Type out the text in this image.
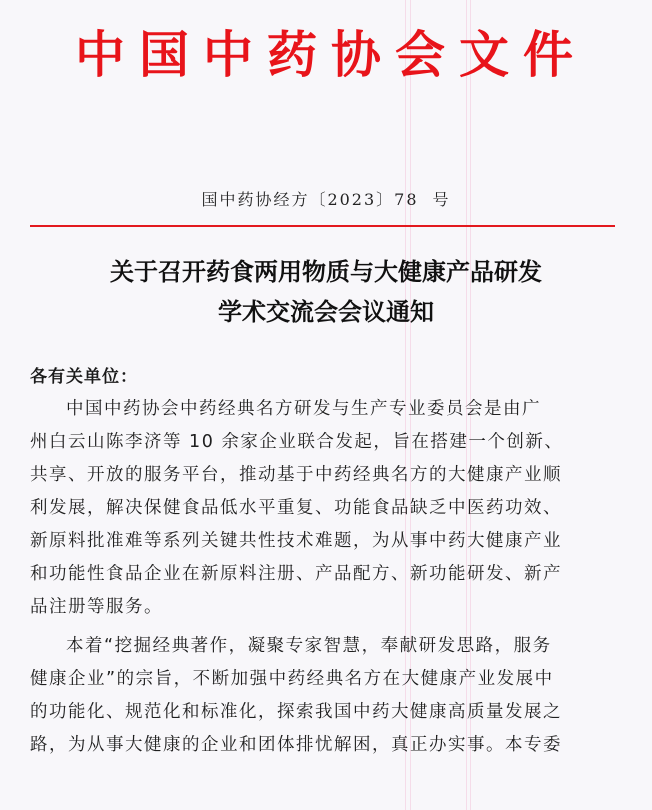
中国中药协会文件
国中药协经方〔2023〕78 号
关于召开药食两用物质与大健康产品研发
学术交流会会议通知
各有关单位：
中国中药协会中药经典名方研发与生产专业委员会是由广
州白云山陈李济等 10 余家企业联合发起，旨在搭建一个创新、
共享、开放的服务平台，推动基于中药经典名方的大健康产业顺
利发展，解决保健食品低水平重复、功能食品缺乏中医药功效、
新原料批准难等系列关键共性技术难题，为从事中药大健康产业
和功能性食品企业在新原料注册、产品配方、新功能研发、新产
品注册等服务。
本着“挖掘经典著作，凝聚专家智慧，奉献研发思路，服务
健康企业”的宗旨，不断加强中药经典名方在大健康产业发展中
的功能化、规范化和标准化，探索我国中药大健康高质量发展之
路，为从事大健康的企业和团体排忧解困，真正办实事。本专委
